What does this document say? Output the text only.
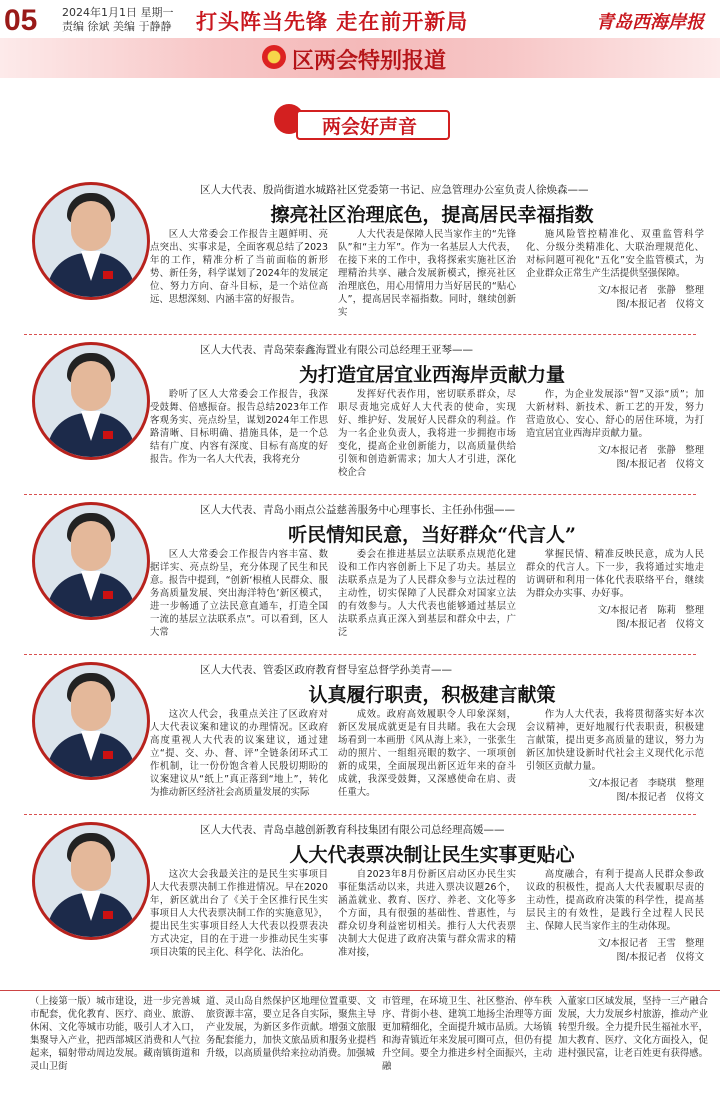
05 2024年1月1日 星期一
责编 徐斌 美编 于静静 打头阵当先锋 走在前开新局	青岛西海岸报
区两会特别报道
两会好声音
区人大代表、殷尚街道水城路社区党委第一书记、应急管理办公室负责人徐焕森——
擦亮社区治理底色，提高居民幸福指数

区人大常委会工作报告主题鲜明、亮点突出、实事求是，全面客观总结了2023年的工作，精准分析了当前面临的新形势、新任务，科学谋划了2024年的发展定位、努力方向、奋斗目标，是一个站位高远、思想深刻、内涵丰富的好报告。

人大代表是保障人民当家作主的“先锋队”和“主力军”。作为一名基层人大代表，在接下来的工作中，我将探索实施社区治理精治共享、融合发展新模式，擦亮社区治理底色，用心用情用力当好居民的“贴心人”，提高居民幸福指数。同时，继续创新实

施风险管控精准化、双重监管科学化、分级分类精准化、大联治理规范化、对标问题可视化“五化”安全监管模式，为企业群众正常生产生活提供坚强保障。

文/本报记者　张静　整理
图/本报记者　仪将文
区人大代表、青岛荣泰鑫海置业有限公司总经理王亚琴——
为打造宜居宜业西海岸贡献力量

聆听了区人大常委会工作报告，我深受鼓舞、倍感振奋。报告总结2023年工作客观务实、亮点纷呈，谋划2024年工作思路清晰、目标明确、措施具体，是一个总结有广度、内容有深度、目标有高度的好报告。作为一名人大代表，我将充分

发挥好代表作用，密切联系群众，尽职尽责地完成好人大代表的使命，实现好、维护好、发展好人民群众的利益。作为一名企业负责人，我将进一步拥抱市场变化，提高企业创新能力，以高质量供给引领和创造新需求；加大人才引进，深化校企合

作，为企业发展添“智”又添“质”；加大新材料、新技术、新工艺的开发，努力营造放心、安心、舒心的居住环境，为打造宜居宜业西海岸贡献力量。

文/本报记者　张静　整理
图/本报记者　仪将文
区人大代表、青岛小雨点公益慈善服务中心理事长、主任孙伟强——
听民情知民意，当好群众“代言人”

区人大常委会工作报告内容丰富、数据详实、亮点纷呈，充分体现了民生和民意。报告中提到，“创新‘根植人民群众、服务高质量发展、突出海洋特色’新区模式，进一步畅通了立法民意直通车，打造全国一流的基层立法联系点”。可以看到，区人大常

委会在推进基层立法联系点规范化建设和工作内容创新上下足了功夫。基层立法联系点是为了人民群众参与立法过程的主动性，切实保障了人民群众对国家立法的有效参与。人大代表也能够通过基层立法联系点真正深入到基层和群众中去，广泛

掌握民情、精准反映民意，成为人民群众的代言人。下一步，我将通过实地走访调研和利用一体化代表联络平台，继续为群众办实事、办好事。

文/本报记者　陈莉　整理
图/本报记者　仪将文
区人大代表、管委区政府教育督导室总督学孙美青——
认真履行职责，积极建言献策

这次人代会，我重点关注了区政府对人大代表议案和建议的办理情况。区政府高度重视人大代表的议案建议，通过建立“提、交、办、督、评”全链条闭环式工作机制，让一份份饱含着人民殷切期盼的议案建议从“纸上”真正落到“地上”，转化为推动新区经济社会高质量发展的实际

成效。政府高效履职令人印象深刻，新区发展成就更是有目共睹。我在大会现场看到一本画册《风从海上来》，一张张生动的照片、一组组亮眼的数字、一项项创新的成果，全面展现出新区近年来的奋斗成就，我深受鼓舞，又深感使命在肩、责任重大。

作为人大代表，我将贯彻落实好本次会议精神，更好地履行代表职责，积极建言献策，提出更多高质量的建议，努力为新区加快建设新时代社会主义现代化示范引领区贡献力量。

文/本报记者　李晓琪　整理
图/本报记者　仪将文
区人大代表、青岛卓越创新教育科技集团有限公司总经理高媛——
人大代表票决制让民生实事更贴心

这次大会我最关注的是民生实事项目人大代表票决制工作推进情况。早在2020年，新区就出台了《关于全区推行民生实事项目人大代表票决制工作的实施意见》，提出民生实事项目经人大代表以投票表决方式决定，目的在于进一步推动民生实事项目决策的民主化、科学化、法治化。

自2023年8月份新区启动区办民生实事征集活动以来，共进入票决议题26个，涵盖就业、教育、医疗、养老、文化等多个方面，具有很强的基础性、普惠性，与群众切身利益密切相关。推行人大代表票决制大大促进了政府决策与群众需求的精准对接，

高度融合，有利于提高人民群众参政议政的积极性，提高人大代表履职尽责的主动性，提高政府决策的科学性，提高基层民主的有效性，是践行全过程人民民主、保障人民当家作主的生动体现。

文/本报记者　王雪　整理
图/本报记者　仪将文
（上接第一版）城市建设，进一步完善城市配套，优化教育、医疗、商业、旅游、休闲、文化等城市功能，吸引人才入口，集聚导入产业，把西部城区消费和人气拉起来，辐射带动周边发展。藏南镇街道和灵山卫街
道、灵山岛自然保护区地理位置重要、文旅资源丰富，要立足各自实际，聚焦主导产业发展，为新区多作贡献。增强文旅服务配套能力，加快文旅品质和服务业提档升级，以高质量供给来拉动消费。加强城
市管理，在环境卫生、社区整治、停车秩序、背街小巷、建筑工地扬尘治理等方面更加精细化，全面提升城市品质。大场镇和海青镇近年来发展可圈可点，但仍有提升空间。要全力推进乡村全面振兴，主动融
入董家口区域发展，坚持一三产融合发展，大力发展乡村旅游，推动产业转型升级。全力提升民生福祉水平，加大教育、医疗、文化方面投入，促进村强民富，让老百姓更有获得感。
